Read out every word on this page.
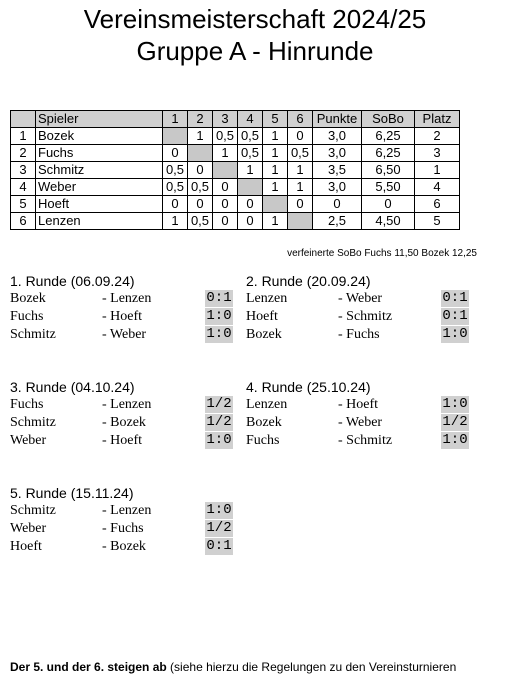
Vereinsmeisterschaft 2024/25
Gruppe A - Hinrunde
	Spieler	1	2	3	4	5	6	Punkte	SoBo	Platz
1	Bozek		1	0,5	0,5	1	0	3,0	6,25	2
2	Fuchs	0		1	0,5	1	0,5	3,0	6,25	3
3	Schmitz	0,5	0		1	1	1	3,5	6,50	1
4	Weber	0,5	0,5	0		1	1	3,0	5,50	4
5	Hoeft	0	0	0	0		0	0	0	6
6	Lenzen	1	0,5	0	0	1		2,5	4,50	5
verfeinerte SoBo Fuchs 11,50 Bozek 12,25
1. Runde (06.09.24)
Bozek	- Lenzen	0:1
Fuchs	- Hoeft	1:0
Schmitz	- Weber	1:0
2. Runde (20.09.24)
Lenzen	- Weber	0:1
Hoeft	- Schmitz	0:1
Bozek	- Fuchs	1:0
3. Runde (04.10.24)
Fuchs	- Lenzen	1/2
Schmitz	- Bozek	1/2
Weber	- Hoeft	1:0
4. Runde (25.10.24)
Lenzen	- Hoeft	1:0
Bozek	- Weber	1/2
Fuchs	- Schmitz	1:0
5. Runde (15.11.24)
Schmitz	- Lenzen	1:0
Weber	- Fuchs	1/2
Hoeft	- Bozek	0:1
Der 5. und der 6. steigen ab (siehe hierzu die Regelungen zu den Vereinsturnieren
